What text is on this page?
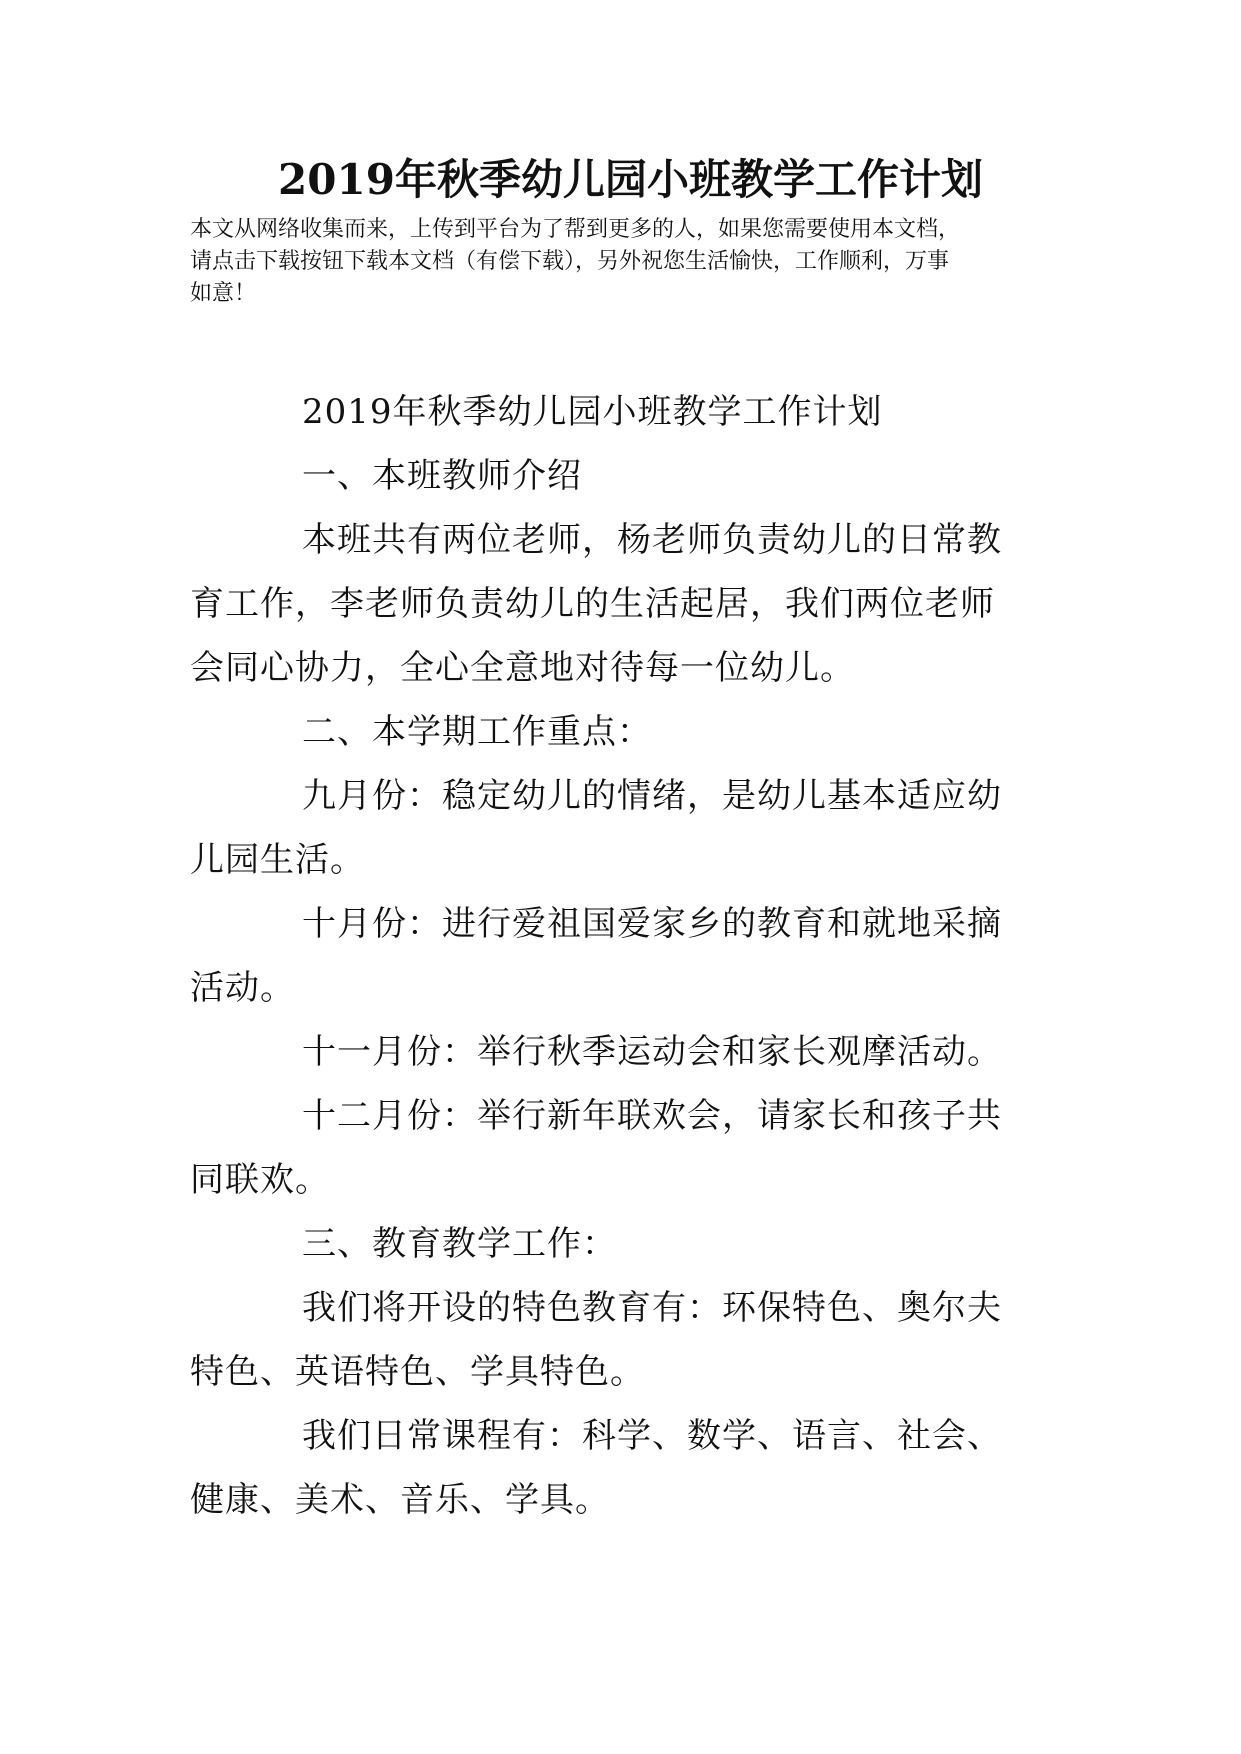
2019年秋季幼儿园小班教学工作计划

本文从网络收集而来，上传到平台为了帮到更多的人，如果您需要使用本文档，

请点击下载按钮下载本文档（有偿下载），另外祝您生活愉快，工作顺利，万事

如意！

2019年秋季幼儿园小班教学工作计划

一、本班教师介绍

本班共有两位老师，杨老师负责幼儿的日常教

育工作，李老师负责幼儿的生活起居，我们两位老师

会同心协力，全心全意地对待每一位幼儿。

二、本学期工作重点：

九月份：稳定幼儿的情绪，是幼儿基本适应幼

儿园生活。

十月份：进行爱祖国爱家乡的教育和就地采摘

活动。

十一月份：举行秋季运动会和家长观摩活动。

十二月份：举行新年联欢会，请家长和孩子共

同联欢。

三、教育教学工作：

我们将开设的特色教育有：环保特色、奥尔夫

特色、英语特色、学具特色。

我们日常课程有：科学、数学、语言、社会、

健康、美术、音乐、学具。
